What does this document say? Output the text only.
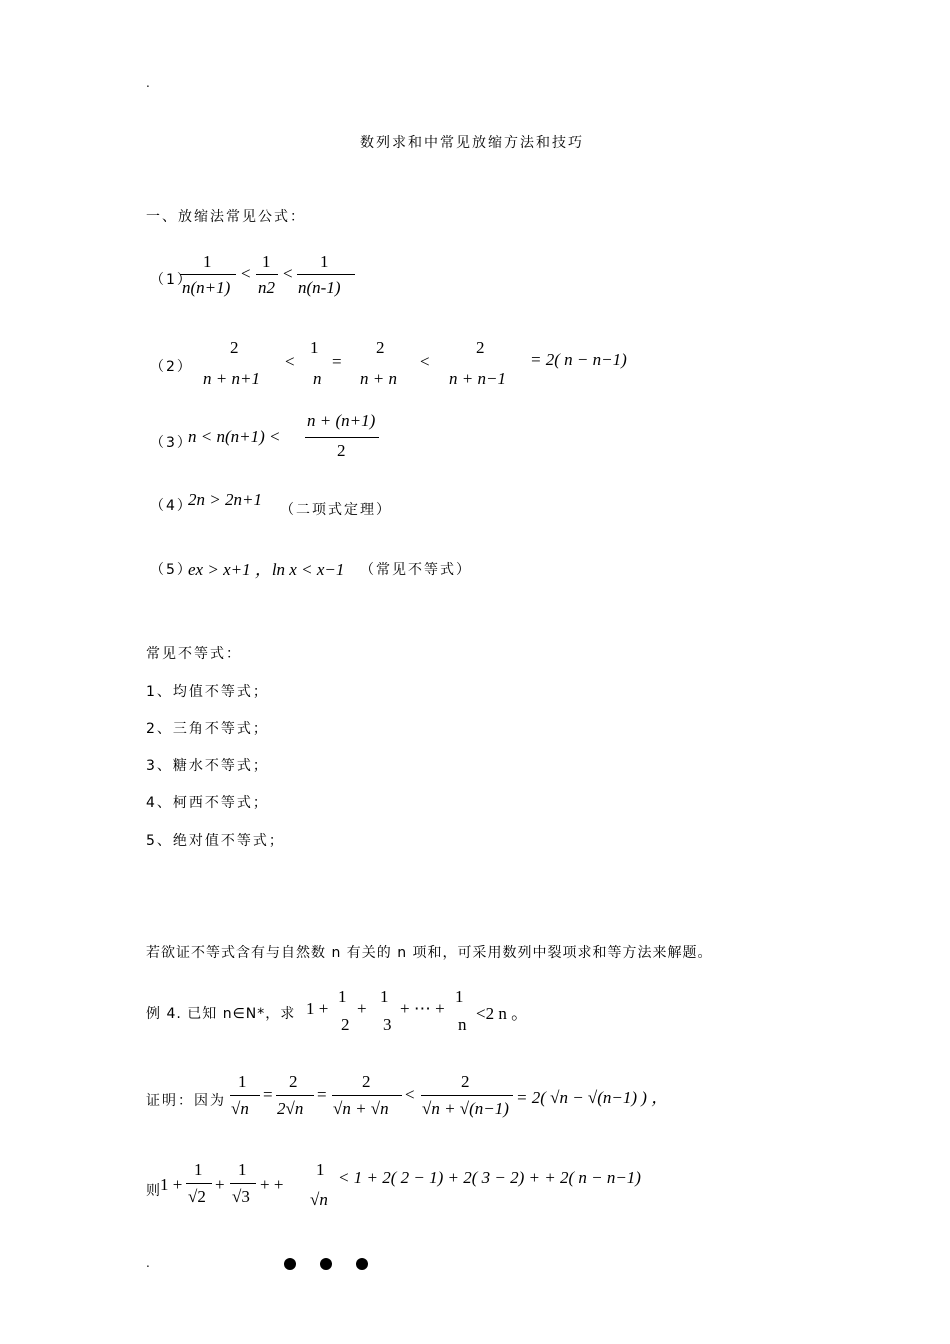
.
数列求和中常见放缩方法和技巧
一、放缩法常见公式：
（1）
1
n(n+1)
<
1
n2
<
1
n(n-1)
（2）
2
n + n+1
<
1
n
=
2
n + n
<
2
n + n−1
= 2( n − n−1)
（3）
n < n(n+1) <
n + (n+1)
2
（4）
2n > 2n+1
（二项式定理）
（5）
ex > x+1 ，ln x < x−1 （常见不等式）
常见不等式：
1、均值不等式；
2、三角不等式；
3、糖水不等式；
4、柯西不等式；
5、绝对值不等式；
若欲证不等式含有与自然数 n 有关的 n 项和，可采用数列中裂项求和等方法来解题。
例 4. 已知 n∈N*，求 1 +
1
2
+
1
3
+ ⋯ +
1
n
<2 n 。
证明：因为
1
√n
=
2
2√n
=
2
√n + √n
<
2
√n + √(n−1)
= 2( √n − √(n−1) ) ，
则
1 +
1
√2
+
1
√3
+ +
1
√n
< 1 + 2( 2 − 1) + 2( 3 − 2) + + 2( n − n−1)
.
